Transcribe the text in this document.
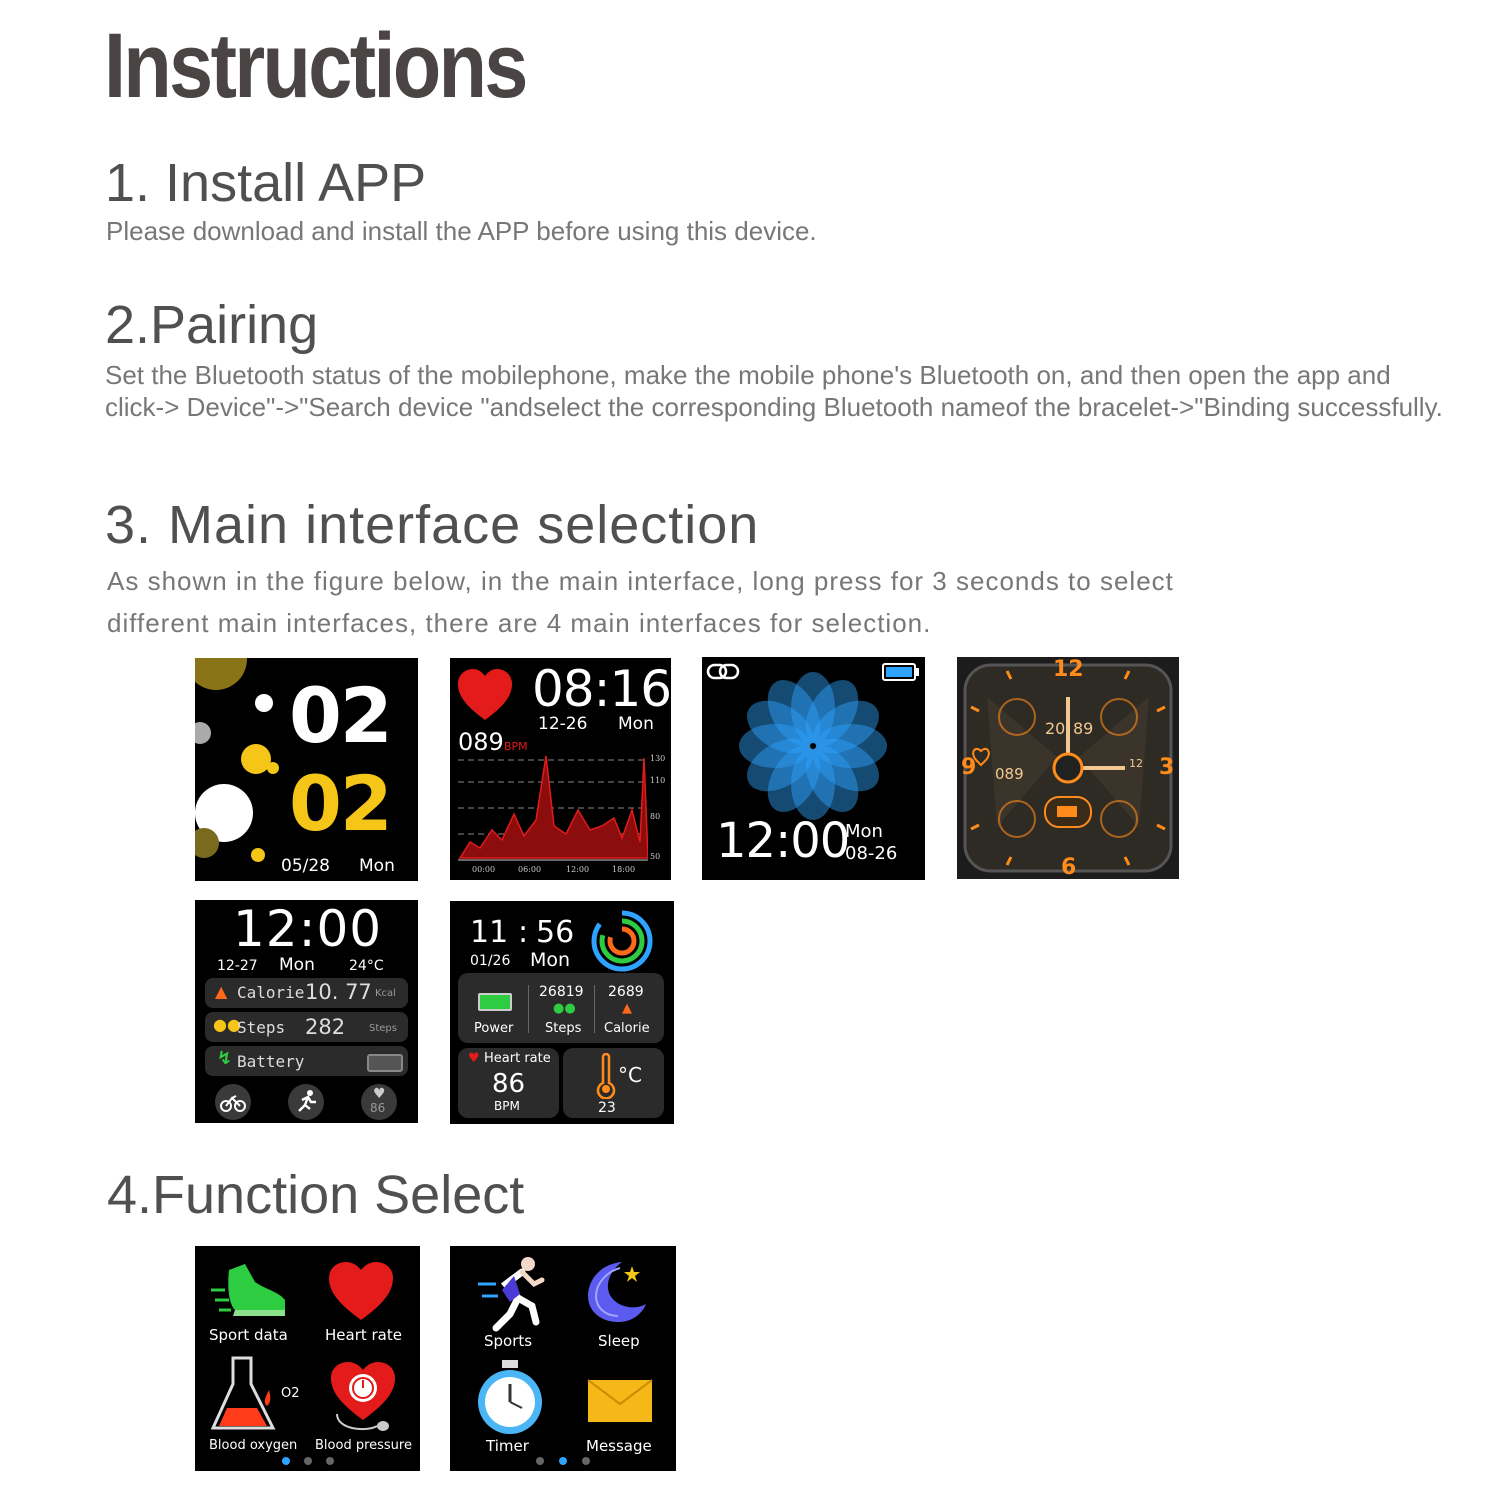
Instructions
1. Install APP

Please download and install the APP before using this device.

2.Pairing

Set the Bluetooth status of the mobilephone, make the mobile phone's Bluetooth on, and then open the app and click-> Device"->"Search device "andselect the corresponding Bluetooth nameof the bracelet->"Binding successfully.

3. Main interface selection

As shown in the figure below, in the main interface, long press for 3 seconds to select

different main interfaces, there are 4 main interfaces for selection.

4.Function Select
02
02
05/28 Mon
08:16
12-26 Mon
089 BPM
130
110
80
50
00:00	06:00	12:00	18:00
12:00
Mon
08-26
12
3
6
9
20 89
089
12
12:00
12-27 Mon 24°C
▲ Calorie 10. 77 Kcal
●●
Steps 282 Steps
↯ Battery
♥
86
11 : 56
01/26 Mon
Power
26819
●●
Steps
2689
▲
Calorie
♥ Heart rate
86
BPM
°C
23
Sport data Heart rate
O2
Blood oxygen Blood pressure
Sports	Sleep
Timer	Message
